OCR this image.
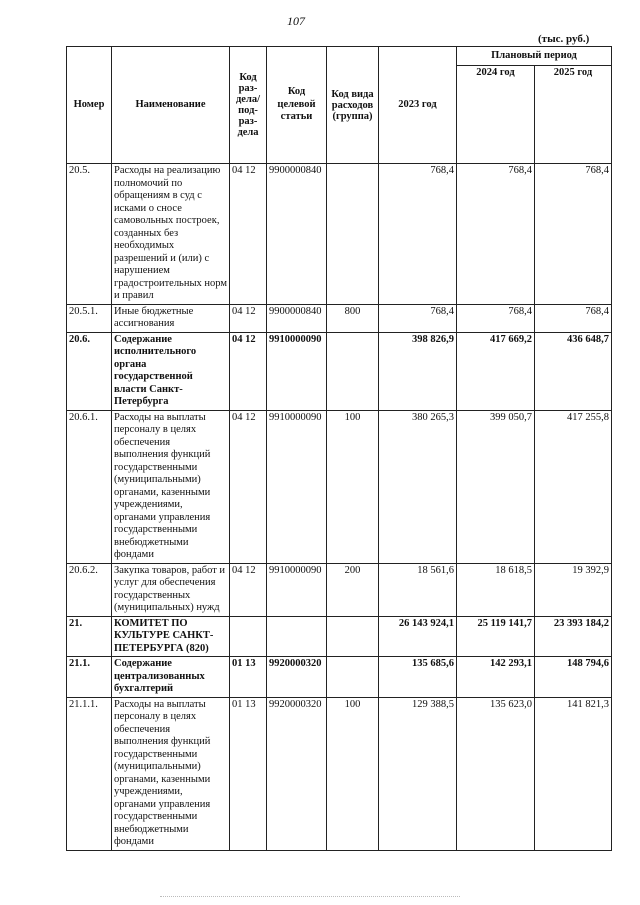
107
(тыс. руб.)
Номер	Наименование	Код раз-дела/ под-раз-дела	Код целевой статьи	Код вида расходов (группа)	2023 год	Плановый период	
						2024 год	2025 год
20.5.	Расходы на реализацию полномочий по обращениям в суд с исками о сносе самовольных построек, созданных без необходимых разрешений и (или) с нарушением градостроительных норм и правил	04 12	9900000840		768,4	768,4	768,4
20.5.1.	Иные бюджетные ассигнования	04 12	9900000840	800	768,4	768,4	768,4
20.6.	Содержание исполнительного органа государственной власти Санкт-Петербурга	04 12	9910000090		398 826,9	417 669,2	436 648,7
20.6.1.	Расходы на выплаты персоналу в целях обеспечения выполнения функций государственными (муниципальными) органами, казенными учреждениями, органами управления государственными внебюджетными фондами	04 12	9910000090	100	380 265,3	399 050,7	417 255,8
20.6.2.	Закупка товаров, работ и услуг для обеспечения государственных (муниципальных) нужд	04 12	9910000090	200	18 561,6	18 618,5	19 392,9
21.	КОМИТЕТ ПО КУЛЬТУРЕ САНКТ-ПЕТЕРБУРГА (820)				26 143 924,1	25 119 141,7	23 393 184,2
21.1.	Содержание централизованных бухгалтерий	01 13	9920000320		135 685,6	142 293,1	148 794,6
21.1.1.	Расходы на выплаты персоналу в целях обеспечения выполнения функций государственными (муниципальными) органами, казенными учреждениями, органами управления государственными внебюджетными фондами	01 13	9920000320	100	129 388,5	135 623,0	141 821,3
